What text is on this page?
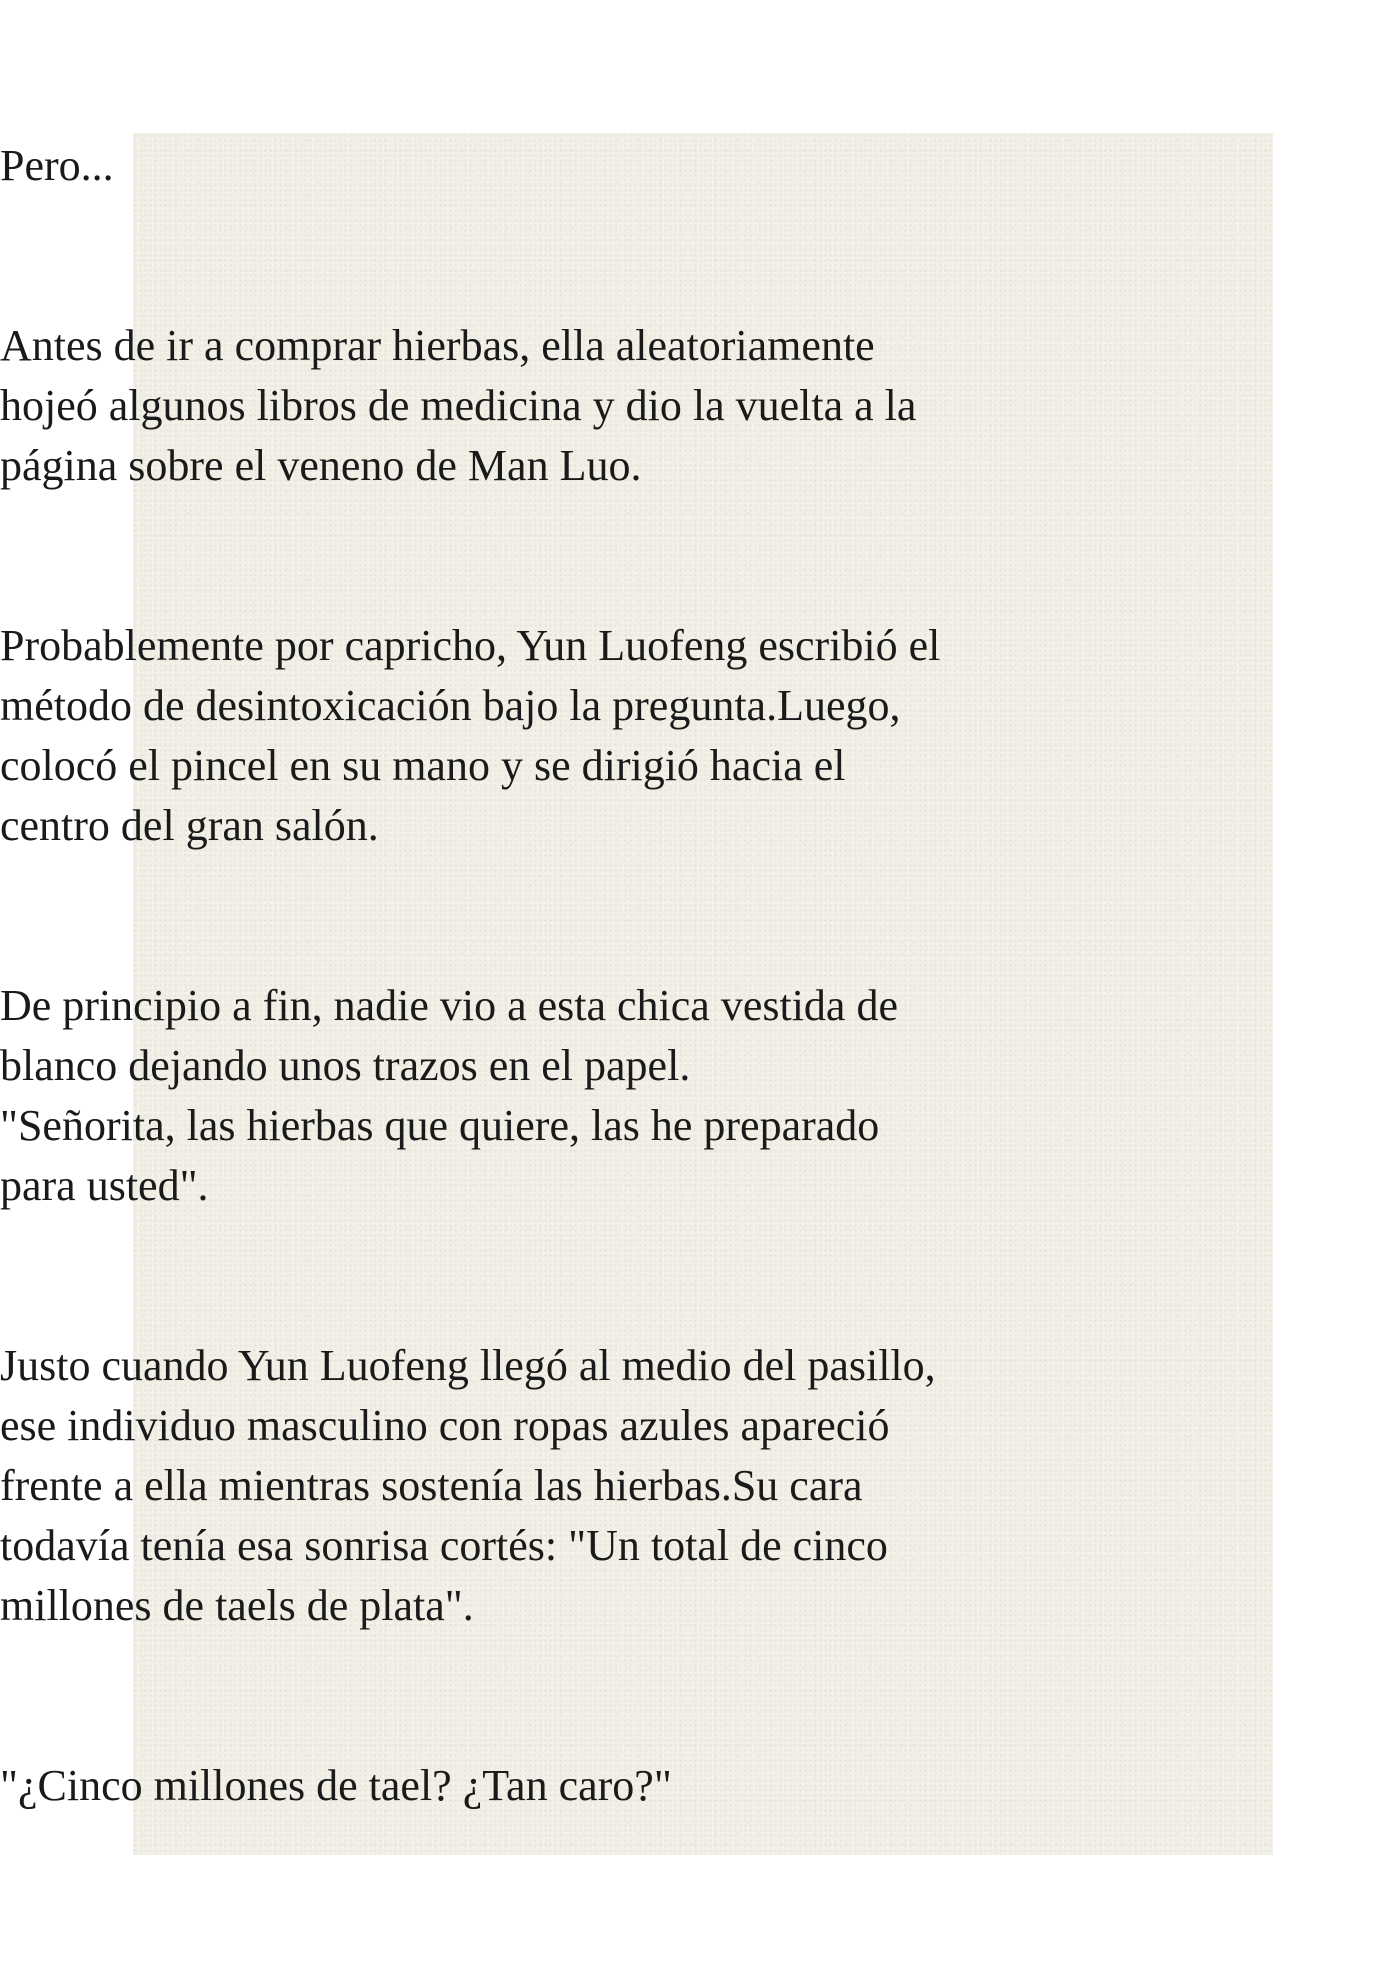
Pero...

Antes de ir a comprar hierbas, ella aleatoriamente
hojeó algunos libros de medicina y dio la vuelta a la
página sobre el veneno de Man Luo.

Probablemente por capricho, Yun Luofeng escribió el
método de desintoxicación bajo la pregunta.Luego,
colocó el pincel en su mano y se dirigió hacia el
centro del gran salón.

De principio a fin, nadie vio a esta chica vestida de
blanco dejando unos trazos en el papel.
"Señorita, las hierbas que quiere, las he preparado
para usted".

Justo cuando Yun Luofeng llegó al medio del pasillo,
ese individuo masculino con ropas azules apareció
frente a ella mientras sostenía las hierbas.Su cara
todavía tenía esa sonrisa cortés: "Un total de cinco
millones de taels de plata".

"¿Cinco millones de tael? ¿Tan caro?"
